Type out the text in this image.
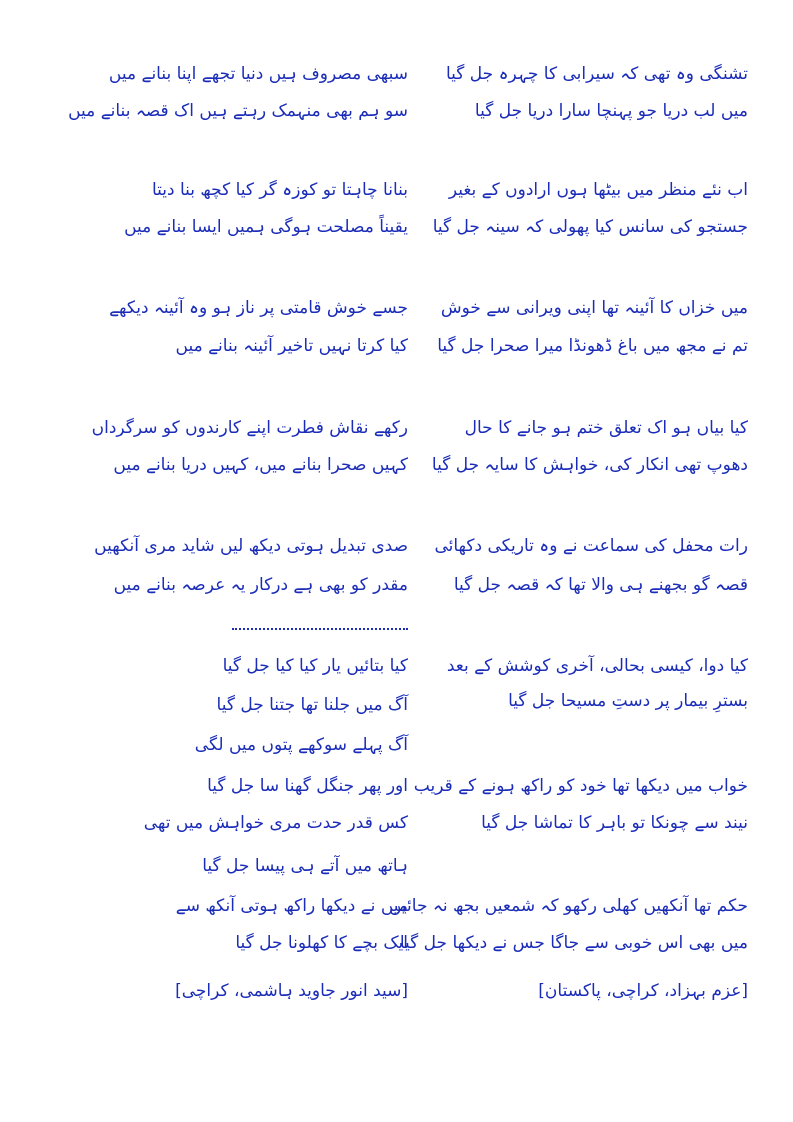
تشنگی وہ تھی کہ سیرابی کا چہرہ جل گیا
میں لب دریا جو پہنچا سارا دریا جل گیا
اب نئے منظر میں بیٹھا ہوں ارادوں کے بغیر
جستجو کی سانس کیا پھولی کہ سینہ جل گیا
میں خزاں کا آئینہ تھا اپنی ویرانی سے خوش
تم نے مجھ میں باغ ڈھونڈا میرا صحرا جل گیا
کیا بیاں ہو اک تعلق ختم ہو جانے کا حال
دھوپ تھی انکار کی، خواہش کا سایہ جل گیا
رات محفل کی سماعت نے وہ تاریکی دکھائی
قصہ گو بجھنے ہی والا تھا کہ قصہ جل گیا
کیا دوا، کیسی بحالی، آخری کوشش کے بعد
بسترِ بیمار پر دستِ مسیحا جل گیا
خواب میں دیکھا تھا خود کو راکھ ہونے کے قریب
نیند سے چونکا تو باہر کا تماشا جل گیا
حکم تھا آنکھیں کھلی رکھو کہ شمعیں بجھ نہ جائیں
میں بھی اس خوبی سے جاگا جس نے دیکھا جل گیا
[عزم بہزاد، کراچی، پاکستان]
سبھی مصروف ہیں دنیا تجھے اپنا بنانے میں
سو ہم بھی منہمک رہتے ہیں اک قصہ بنانے میں
بنانا چاہتا تو کوزہ گر کیا کچھ بنا دیتا
یقیناً مصلحت ہوگی ہمیں ایسا بنانے میں
جسے خوش قامتی پر ناز ہو وہ آئینہ دیکھے
کیا کرتا نہیں تاخیر آئینہ بنانے میں
رکھے نقاش فطرت اپنے کارندوں کو سرگرداں
کہیں صحرا بنانے میں، کہیں دریا بنانے میں
صدی تبدیل ہوتی دیکھ لیں شاید مری آنکھیں
مقدر کو بھی ہے درکار یہ عرصہ بنانے میں
کیا بتائیں یار کیا کیا جل گیا
آگ میں جلنا تھا جتنا جل گیا
آگ پہلے سوکھے پتوں میں لگی
اور پھر جنگل گھنا سا جل گیا
کس قدر حدت مری خواہش میں تھی
ہاتھ میں آتے ہی پیسا جل گیا
میں نے دیکھا راکھ ہوتی آنکھ سے
ایک بچے کا کھلونا جل گیا
[سید انور جاوید ہاشمی، کراچی]
